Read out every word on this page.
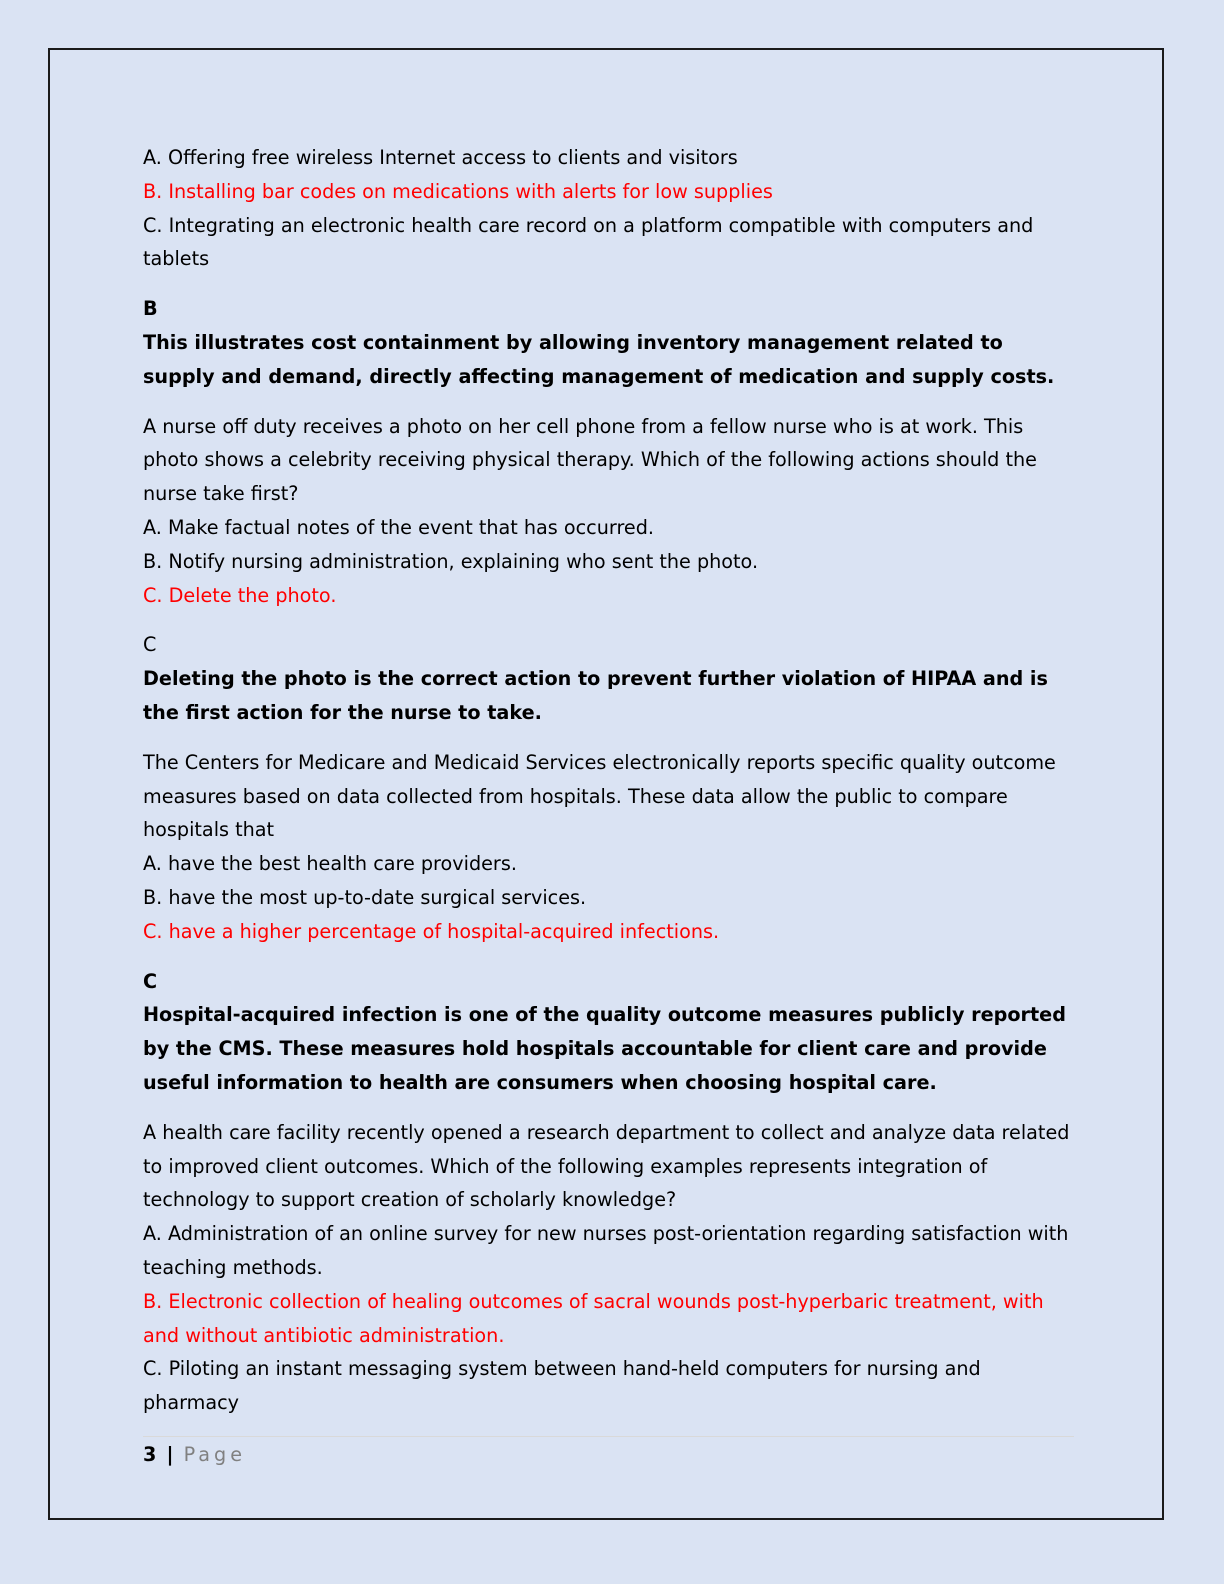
A. Offering free wireless Internet access to clients and visitors

B. Installing bar codes on medications with alerts for low supplies

C. Integrating an electronic health care record on a platform compatible with computers and tablets

B

This illustrates cost containment by allowing inventory management related to supply and demand, directly affecting management of medication and supply costs.

A nurse off duty receives a photo on her cell phone from a fellow nurse who is at work. This photo shows a celebrity receiving physical therapy. Which of the following actions should the nurse take first?

A. Make factual notes of the event that has occurred.

B. Notify nursing administration, explaining who sent the photo.

C. Delete the photo.

C

Deleting the photo is the correct action to prevent further violation of HIPAA and is the first action for the nurse to take.

The Centers for Medicare and Medicaid Services electronically reports specific quality outcome measures based on data collected from hospitals. These data allow the public to compare hospitals that

A. have the best health care providers.

B. have the most up-to-date surgical services.

C. have a higher percentage of hospital-acquired infections.

C

Hospital-acquired infection is one of the quality outcome measures publicly reported by the CMS. These measures hold hospitals accountable for client care and provide useful information to health are consumers when choosing hospital care.

A health care facility recently opened a research department to collect and analyze data related to improved client outcomes. Which of the following examples represents integration of technology to support creation of scholarly knowledge?

A. Administration of an online survey for new nurses post-orientation regarding satisfaction with teaching methods.

B. Electronic collection of healing outcomes of sacral wounds post-hyperbaric treatment, with and without antibiotic administration.

C. Piloting an instant messaging system between hand-held computers for nursing and pharmacy

3 | Page
